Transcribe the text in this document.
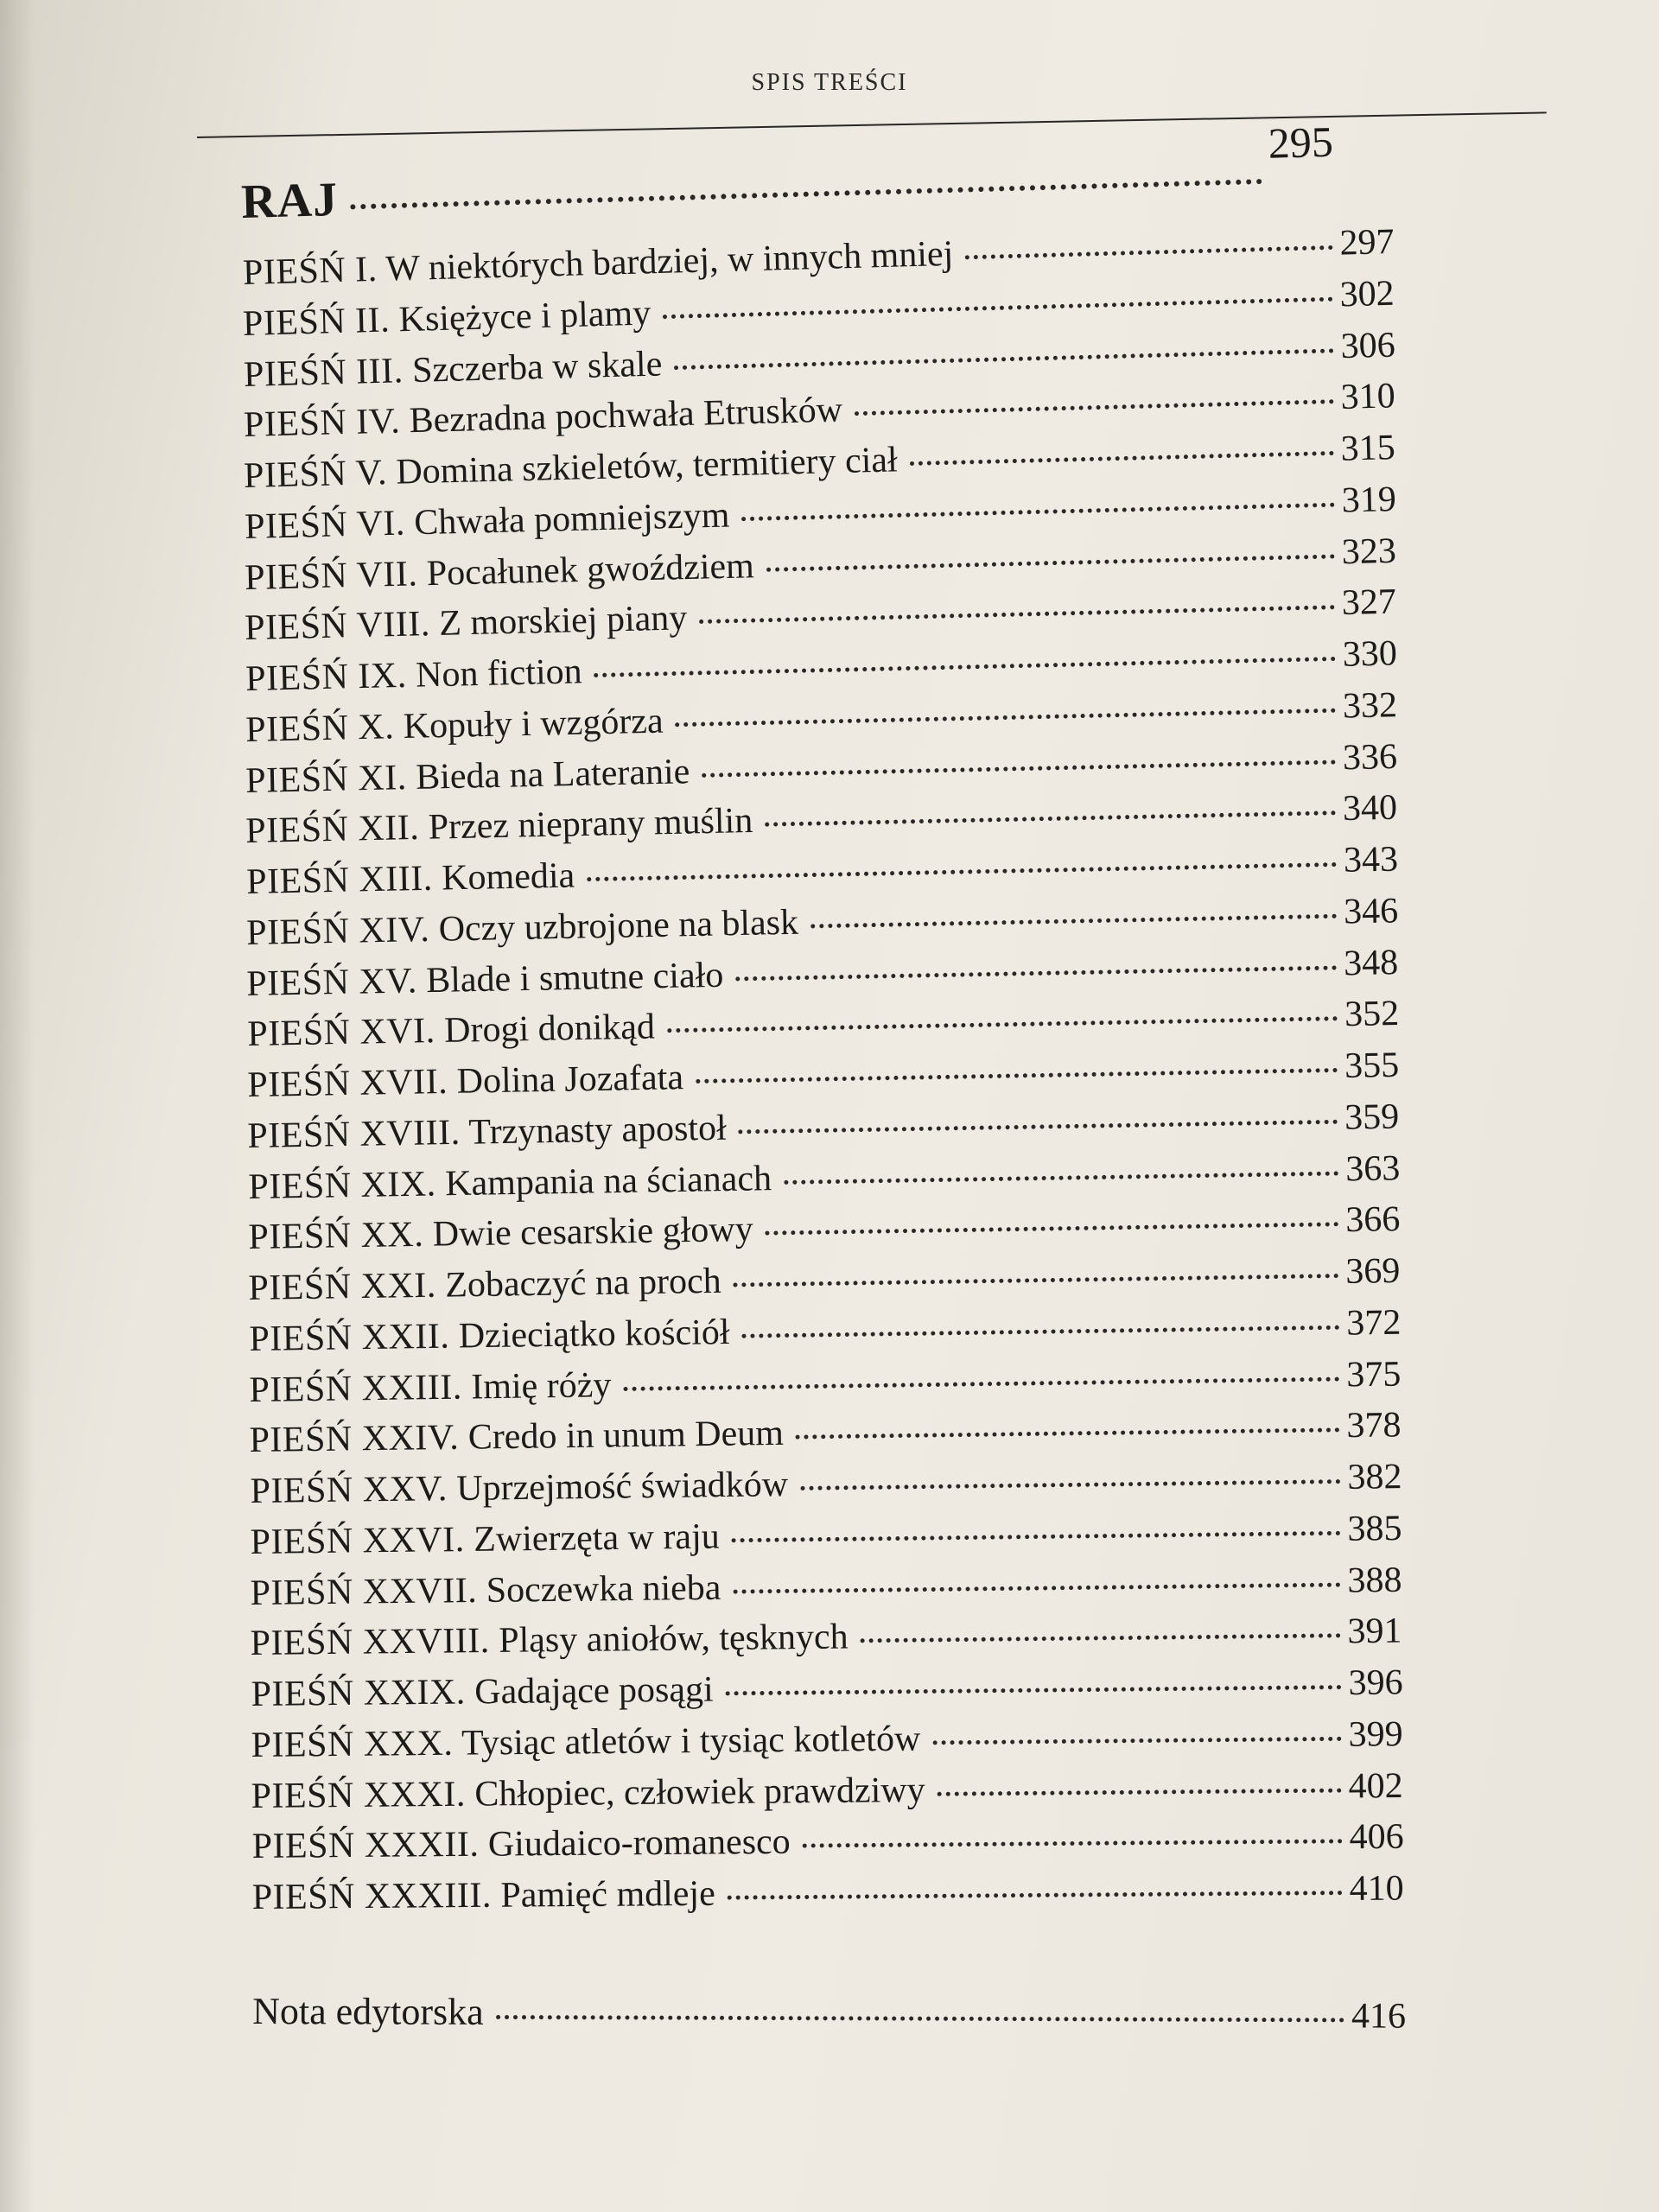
SPIS TREŚCI
RAJ
295
PIEŚŃ I. W niektórych bardziej, w innych mniej	297
PIEŚŃ II. Księżyce i plamy	302
PIEŚŃ III. Szczerba w skale	306
PIEŚŃ IV. Bezradna pochwała Etrusków	310
PIEŚŃ V. Domina szkieletów, termitiery ciał	315
PIEŚŃ VI. Chwała pomniejszym	319
PIEŚŃ VII. Pocałunek gwoździem	323
PIEŚŃ VIII. Z morskiej piany	327
PIEŚŃ IX. Non fiction	330
PIEŚŃ X. Kopuły i wzgórza	332
PIEŚŃ XI. Bieda na Lateranie	336
PIEŚŃ XII. Przez nieprany muślin	340
PIEŚŃ XIII. Komedia	343
PIEŚŃ XIV. Oczy uzbrojone na blask	346
PIEŚŃ XV. Blade i smutne ciało	348
PIEŚŃ XVI. Drogi donikąd	352
PIEŚŃ XVII. Dolina Jozafata	355
PIEŚŃ XVIII. Trzynasty apostoł	359
PIEŚŃ XIX. Kampania na ścianach	363
PIEŚŃ XX. Dwie cesarskie głowy	366
PIEŚŃ XXI. Zobaczyć na proch	369
PIEŚŃ XXII. Dzieciątko kościół	372
PIEŚŃ XXIII. Imię róży	375
PIEŚŃ XXIV. Credo in unum Deum	378
PIEŚŃ XXV. Uprzejmość świadków	382
PIEŚŃ XXVI. Zwierzęta w raju	385
PIEŚŃ XXVII. Soczewka nieba	388
PIEŚŃ XXVIII. Pląsy aniołów, tęsknych	391
PIEŚŃ XXIX. Gadające posągi	396
PIEŚŃ XXX. Tysiąc atletów i tysiąc kotletów	399
PIEŚŃ XXXI. Chłopiec, człowiek prawdziwy	402
PIEŚŃ XXXII. Giudaico-romanesco	406
PIEŚŃ XXXIII. Pamięć mdleje	410
Nota edytorska	416
